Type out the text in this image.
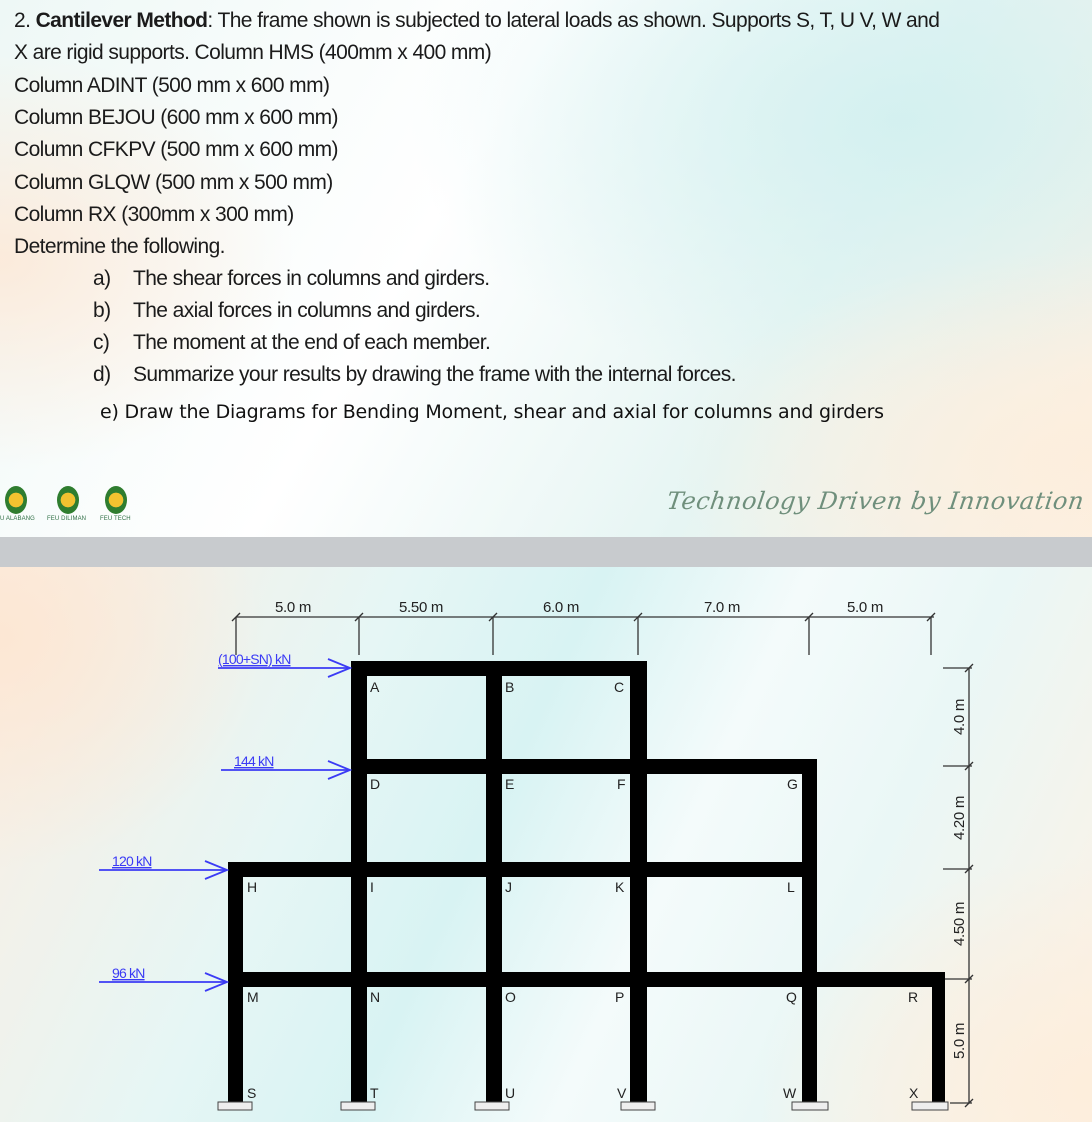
2. Cantilever Method: The frame shown is subjected to lateral loads as shown. Supports S, T, U V, W and
X are rigid supports. Column HMS (400mm x 400 mm)
Column ADINT (500 mm x 600 mm)
Column BEJOU (600 mm x 600 mm)
Column CFKPV (500 mm x 600 mm)
Column GLQW (500 mm x 500 mm)
Column RX (300mm x 300 mm)
Determine the following.
a) The shear forces in columns and girders.
b) The axial forces in columns and girders.
c) The moment at the end of each member.
d) Summarize your results by drawing the frame with the internal forces.
e) Draw the Diagrams for Bending Moment, shear and axial for columns and girders
U ALABANG FEU DILIMAN FEU TECH
Technology Driven by Innovation
5.0 m	5.50 m	6.0 m	7.0 m	5.0 m
4.0 m
4.20 m
4.50 m
5.0 m
A	B	C
D	E	F	G
H	I	J	K	L
M	N	O	P	Q	R
S	T	U	V	W	X
(100+SN) kN
144 kN
120 kN
96 kN
